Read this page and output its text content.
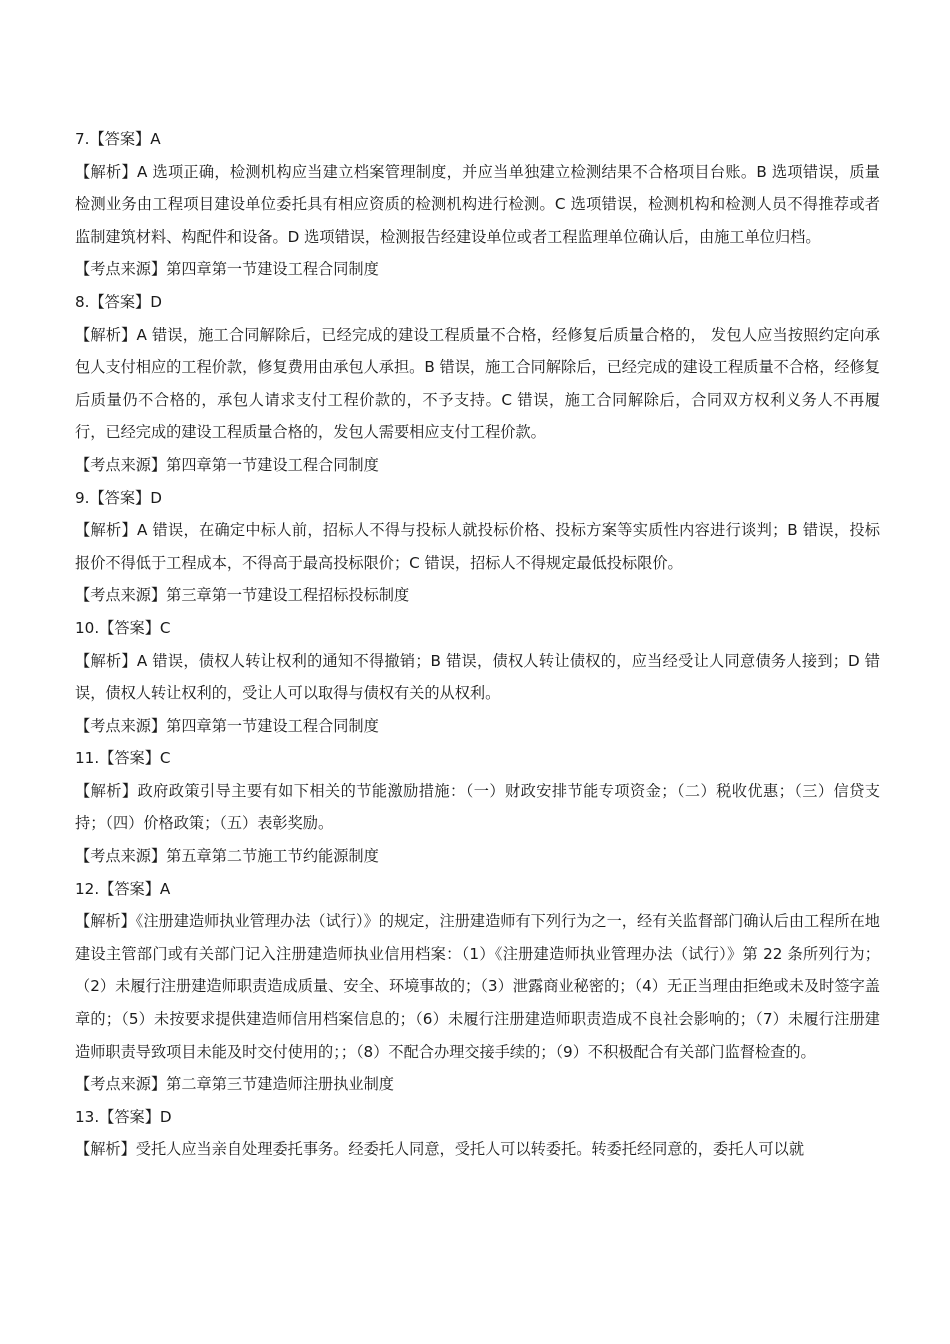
7.【答案】A

【解析】A 选项正确，检测机构应当建立档案管理制度，并应当单独建立检测结果不合格项目台账。B 选项错误，质量检测业务由工程项目建设单位委托具有相应资质的检测机构进行检测。C 选项错误，检测机构和检测人员不得推荐或者监制建筑材料、构配件和设备。D 选项错误，检测报告经建设单位或者工程监理单位确认后，由施工单位归档。

【考点来源】第四章第一节建设工程合同制度

8.【答案】D

【解析】A 错误，施工合同解除后，已经完成的建设工程质量不合格，经修复后质量合格的， 发包人应当按照约定向承包人支付相应的工程价款，修复费用由承包人承担。B 错误，施工合同解除后，已经完成的建设工程质量不合格，经修复后质量仍不合格的，承包人请求支付工程价款的，不予支持。C 错误，施工合同解除后，合同双方权利义务人不再履行，已经完成的建设工程质量合格的，发包人需要相应支付工程价款。

【考点来源】第四章第一节建设工程合同制度

9.【答案】D

【解析】A 错误，在确定中标人前，招标人不得与投标人就投标价格、投标方案等实质性内容进行谈判；B 错误，投标报价不得低于工程成本，不得高于最高投标限价；C 错误，招标人不得规定最低投标限价。

【考点来源】第三章第一节建设工程招标投标制度

10.【答案】C

【解析】A 错误，债权人转让权利的通知不得撤销；B 错误，债权人转让债权的，应当经受让人同意债务人接到；D 错误，债权人转让权利的，受让人可以取得与债权有关的从权利。

【考点来源】第四章第一节建设工程合同制度

11.【答案】C

【解析】政府政策引导主要有如下相关的节能激励措施：（一）财政安排节能专项资金；（二）税收优惠；（三）信贷支持；（四）价格政策；（五）表彰奖励。

【考点来源】第五章第二节施工节约能源制度

12.【答案】A

【解析】《注册建造师执业管理办法（试行）》的规定，注册建造师有下列行为之一，经有关监督部门确认后由工程所在地建设主管部门或有关部门记入注册建造师执业信用档案：（1）《注册建造师执业管理办法（试行）》第 22 条所列行为；（2）未履行注册建造师职责造成质量、安全、环境事故的；（3）泄露商业秘密的；（4）无正当理由拒绝或未及时签字盖章的；（5）未按要求提供建造师信用档案信息的；（6）未履行注册建造师职责造成不良社会影响的；（7）未履行注册建造师职责导致项目未能及时交付使用的；；（8）不配合办理交接手续的；（9）不积极配合有关部门监督检查的。

【考点来源】第二章第三节建造师注册执业制度

13.【答案】D

【解析】受托人应当亲自处理委托事务。经委托人同意，受托人可以转委托。转委托经同意的，委托人可以就
